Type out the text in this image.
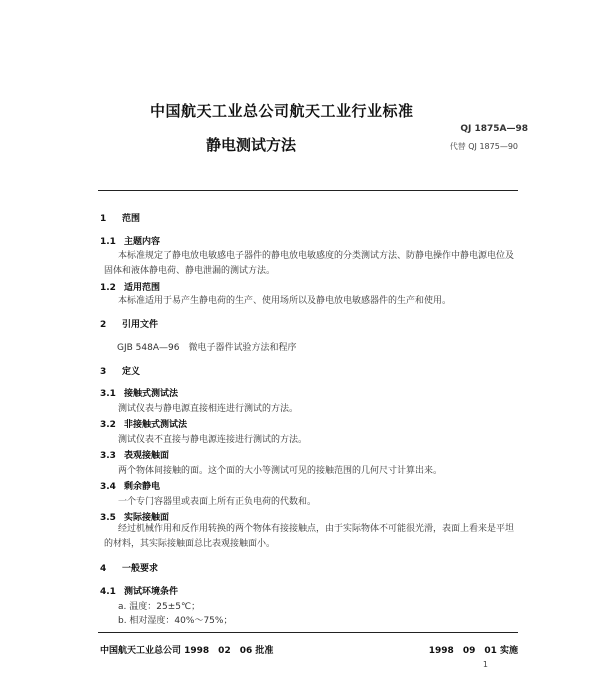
中国航天工业总公司航天工业行业标准
QJ 1875A—98
静电测试方法	代替 QJ 1875—90
1 范围
1.1 主题内容
本标准规定了静电放电敏感电子器件的静电放电敏感度的分类测试方法、防静电操作中静电源电位及固体和液体静电荷、静电泄漏的测试方法。
1.2 适用范围
本标准适用于易产生静电荷的生产、使用场所以及静电放电敏感器件的生产和使用。
2 引用文件
GJB 548A—96　微电子器件试验方法和程序
3 定义
3.1 接触式测试法
测试仪表与静电源直接相连进行测试的方法。
3.2 非接触式测试法
测试仪表不直接与静电源连接进行测试的方法。
3.3 表观接触面
两个物体间接触的面。这个面的大小等测试可见的接触范围的几何尺寸计算出来。
3.4 剩余静电
一个专门容器里或表面上所有正负电荷的代数和。
3.5 实际接触面
经过机械作用和反作用转换的两个物体有接接触点，由于实际物体不可能很光滑，表面上看来是平坦的材料，其实际接触面总比表观接触面小。
4 一般要求
4.1 测试环境条件
a. 温度：25±5℃；
b. 相对湿度：40%～75%；
中国航天工业总公司 1998　02　06 批准	1998　09　01 实施
1
